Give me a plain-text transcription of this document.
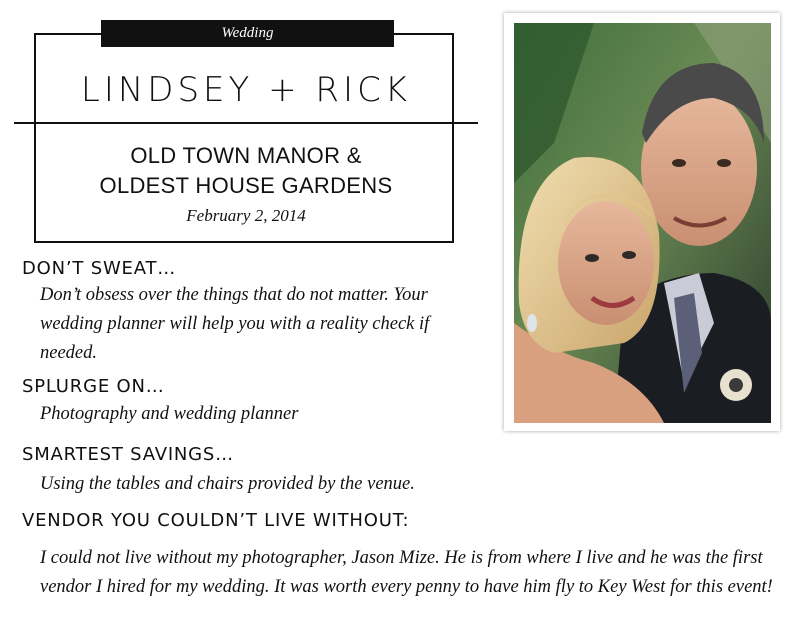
Wedding
LINDSEY + RICK
OLD TOWN MANOR &
OLDEST HOUSE GARDENS
February 2, 2014
DON’T SWEAT…
Don’t obsess over the things that do not matter. Your wedding planner will help you with a reality check if needed.
SPLURGE ON…
Photography and wedding planner
SMARTEST SAVINGS…
Using the tables and chairs provided by the venue.
VENDOR YOU COULDN’T LIVE WITHOUT:
I could not live without my photographer, Jason Mize. He is from where I live and he was the first vendor I hired for my wedding. It was worth every penny to have him fly to Key West for this event!
